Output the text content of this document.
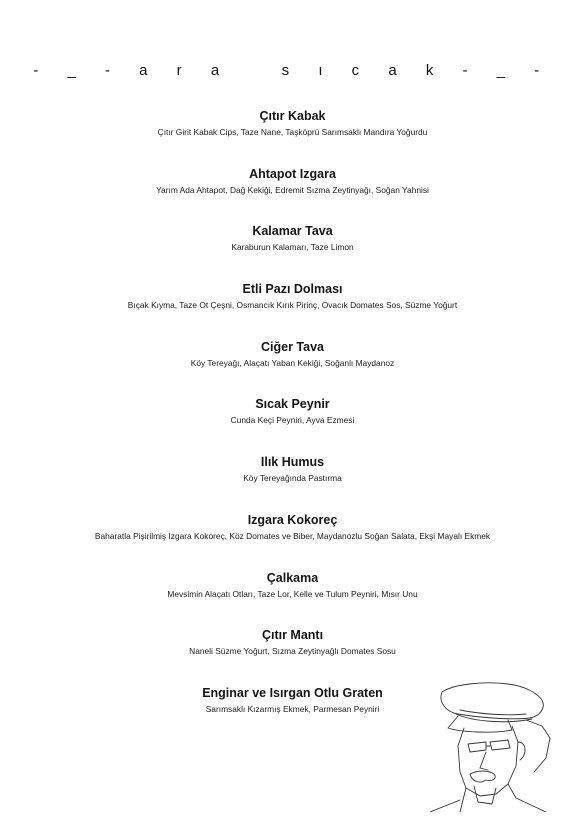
- _ - a r a   s ı c a k - _ -
Çıtır Kabak
Çıtır Girit Kabak Cips, Taze Nane, Taşköprü Sarımsaklı Mandıra Yoğurdu
Ahtapot Izgara
Yarım Ada Ahtapot, Dağ Kekiği, Edremit Sızma Zeytinyağı, Soğan Yahnisi
Kalamar Tava
Karaburun Kalamarı, Taze Limon
Etli Pazı Dolması
Bıçak Kıyma, Taze Ot Çeşni, Osmancık Kırık Pirinç, Ovacık Domates Sos, Süzme Yoğurt
Ciğer Tava
Köy Tereyağı, Alaçatı Yaban Kekiği, Soğanlı Maydanoz
Sıcak Peynir
Cunda Keçi Peyniri, Ayva Ezmesi
Ilık Humus
Köy Tereyağında Pastırma
Izgara Kokoreç
Baharatla Pişirilmiş Izgara Kokoreç, Köz Domates ve Biber, Maydanozlu Soğan Salata, Ekşi Mayalı Ekmek
Çalkama
Mevsimin Alaçatı Otları, Taze Lor, Kelle ve Tulum Peyniri, Mısır Unu
Çıtır Mantı
Naneli Süzme Yoğurt, Sızma Zeytinyağlı Domates Sosu
Enginar ve Isırgan Otlu Graten
Sarımsaklı Kızarmış Ekmek, Parmesan Peyniri
